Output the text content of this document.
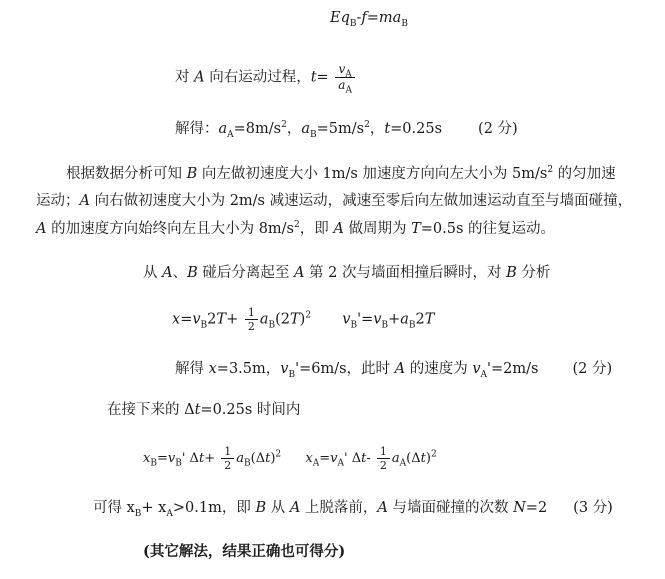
$Eq_B-f=ma_B$
对 A 向右运动过程，$t= \frac{v_A}{a_A}$
解得：$a_A=8m/s^2$，$a_B=5m/s^2$，t=0.25s (2 分)
根据数据分析可知 B 向左做初速度大小 1m/s 加速度方向向左大小为 $5m/s^2$ 的匀加速
运动；A 向右做初速度大小为 2m/s 减速运动，减速至零后向左做加速运动直至与墙面碰撞，
A 的加速度方向始终向左且大小为 $8m/s^2$，即 A 做周期为 T=0.5s 的往复运动。
从 A、B 碰后分离起至 A 第 2 次与墙面相撞后瞬时，对 B 分析
$x=v_B2T+ \frac{1}{2} a_B(2T)^2$ $v_B'=v_B+a_B2T$
解得 x=3.5m，$v_B'=6m/s$，此时 A 的速度为 $v_A'=2m/s$ (2 分)
在接下来的 Δt=0.25s 时间内
$x_B=v_B'$ $\Delta t+ \frac{1}{2} a_B(\Delta t)^2$ $x_A=v_A'$ $\Delta t- \frac{1}{2} a_A(\Delta t)^2$
可得 $x_B+ x_A>0.1m$，即 B 从 A 上脱落前，A 与墙面碰撞的次数 N=2 (3 分)
(其它解法，结果正确也可得分)
